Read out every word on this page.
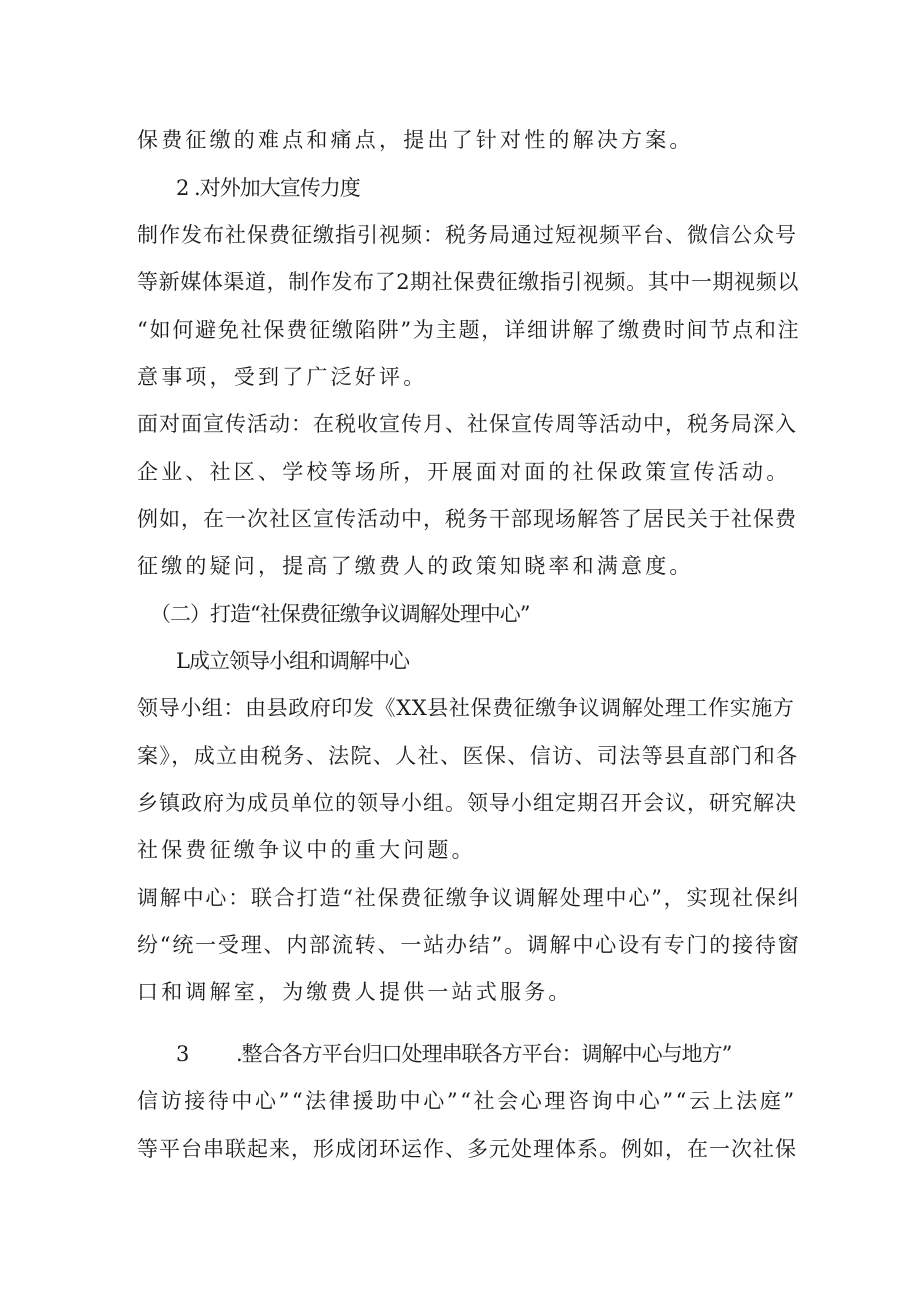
保费征缴的难点和痛点，提出了针对性的解决方案。
2 .对外加大宣传力度
制作发布社保费征缴指引视频：税务局通过短视频平台、微信公众号
等新媒体渠道，制作发布了2期社保费征缴指引视频。其中一期视频以
“如何避免社保费征缴陷阱”为主题，详细讲解了缴费时间节点和注
意事项，受到了广泛好评。
面对面宣传活动：在税收宣传月、社保宣传周等活动中，税务局深入
企业、社区、学校等场所，开展面对面的社保政策宣传活动。
例如，在一次社区宣传活动中，税务干部现场解答了居民关于社保费
征缴的疑问，提高了缴费人的政策知晓率和满意度。
（二）打造“社保费征缴争议调解处理中心”
L成立领导小组和调解中心
领导小组：由县政府印发《XX县社保费征缴争议调解处理工作实施方
案》，成立由税务、法院、人社、医保、信访、司法等县直部门和各
乡镇政府为成员单位的领导小组。领导小组定期召开会议，研究解决
社保费征缴争议中的重大问题。
调解中心：联合打造“社保费征缴争议调解处理中心”，实现社保纠
纷“统一受理、内部流转、一站办结”。调解中心设有专门的接待窗
口和调解室，为缴费人提供一站式服务。
3 .整合各方平台归口处理串联各方平台：调解中心与地方”
信访接待中心”“法律援助中心”“社会心理咨询中心”“云上法庭”
等平台串联起来，形成闭环运作、多元处理体系。例如，在一次社保
